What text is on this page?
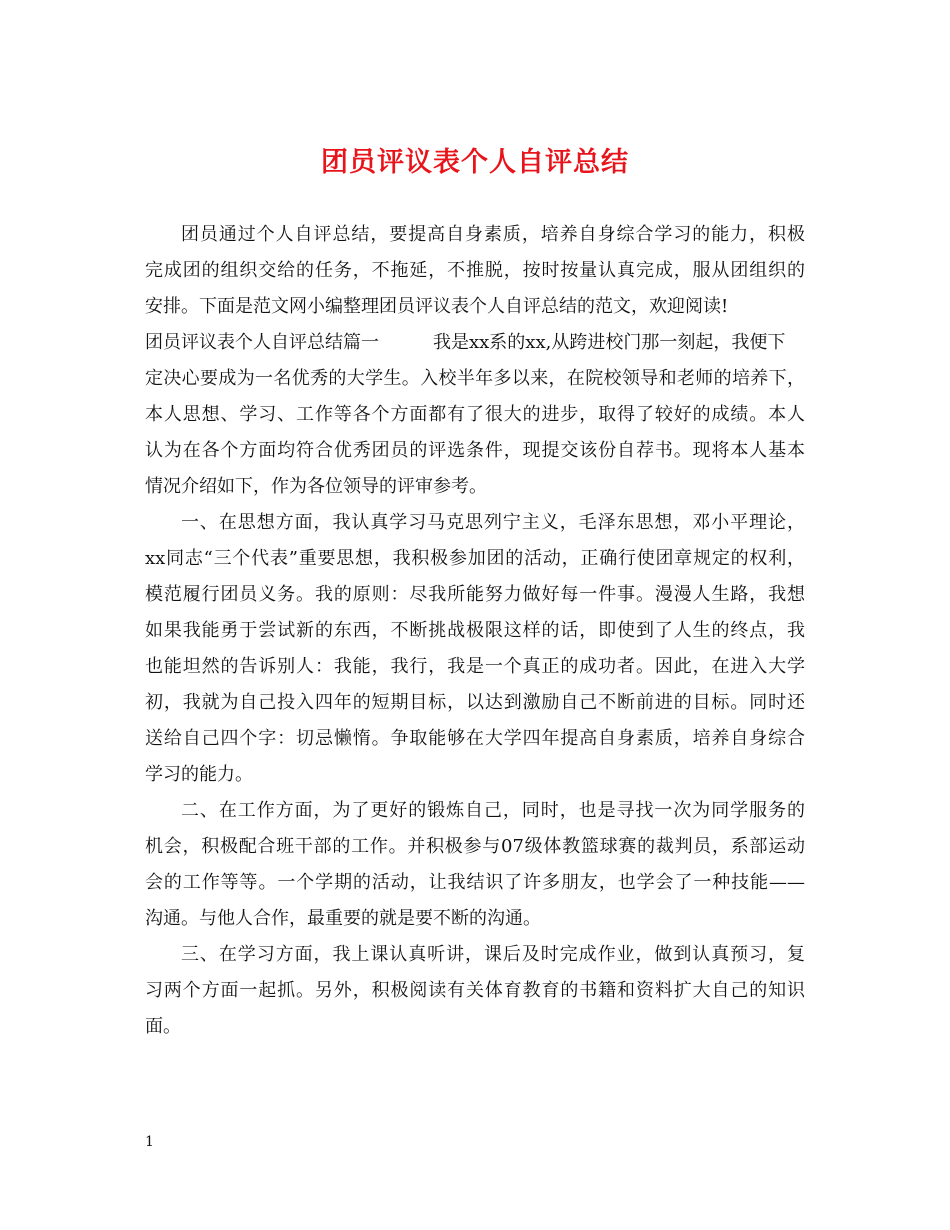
团员评议表个人自评总结
团员通过个人自评总结，要提高自身素质，培养自身综合学习的能力，积极
完成团的组织交给的任务，不拖延，不推脱，按时按量认真完成，服从团组织的
安排。下面是范文网小编整理团员评议表个人自评总结的范文，欢迎阅读!
团员评议表个人自评总结篇一	我是xx系的xx,从跨进校门那一刻起，我便下
定决心要成为一名优秀的大学生。入校半年多以来，在院校领导和老师的培养下，
本人思想、学习、工作等各个方面都有了很大的进步，取得了较好的成绩。本人
认为在各个方面均符合优秀团员的评选条件，现提交该份自荐书。现将本人基本
情况介绍如下，作为各位领导的评审参考。
一、在思想方面，我认真学习马克思列宁主义，毛泽东思想，邓小平理论，
xx同志“三个代表”重要思想，我积极参加团的活动，正确行使团章规定的权利，
模范履行团员义务。我的原则：尽我所能努力做好每一件事。漫漫人生路，我想
如果我能勇于尝试新的东西，不断挑战极限这样的话，即使到了人生的终点，我
也能坦然的告诉别人：我能，我行，我是一个真正的成功者。因此，在进入大学
初，我就为自己投入四年的短期目标，以达到激励自己不断前进的目标。同时还
送给自己四个字：切忌懒惰。争取能够在大学四年提高自身素质，培养自身综合
学习的能力。
二、在工作方面，为了更好的锻炼自己，同时，也是寻找一次为同学服务的
机会，积极配合班干部的工作。并积极参与07级体教篮球赛的裁判员，系部运动
会的工作等等。一个学期的活动，让我结识了许多朋友，也学会了一种技能——
沟通。与他人合作，最重要的就是要不断的沟通。
三、在学习方面，我上课认真听讲，课后及时完成作业，做到认真预习，复
习两个方面一起抓。另外，积极阅读有关体育教育的书籍和资料扩大自己的知识
面。
1
